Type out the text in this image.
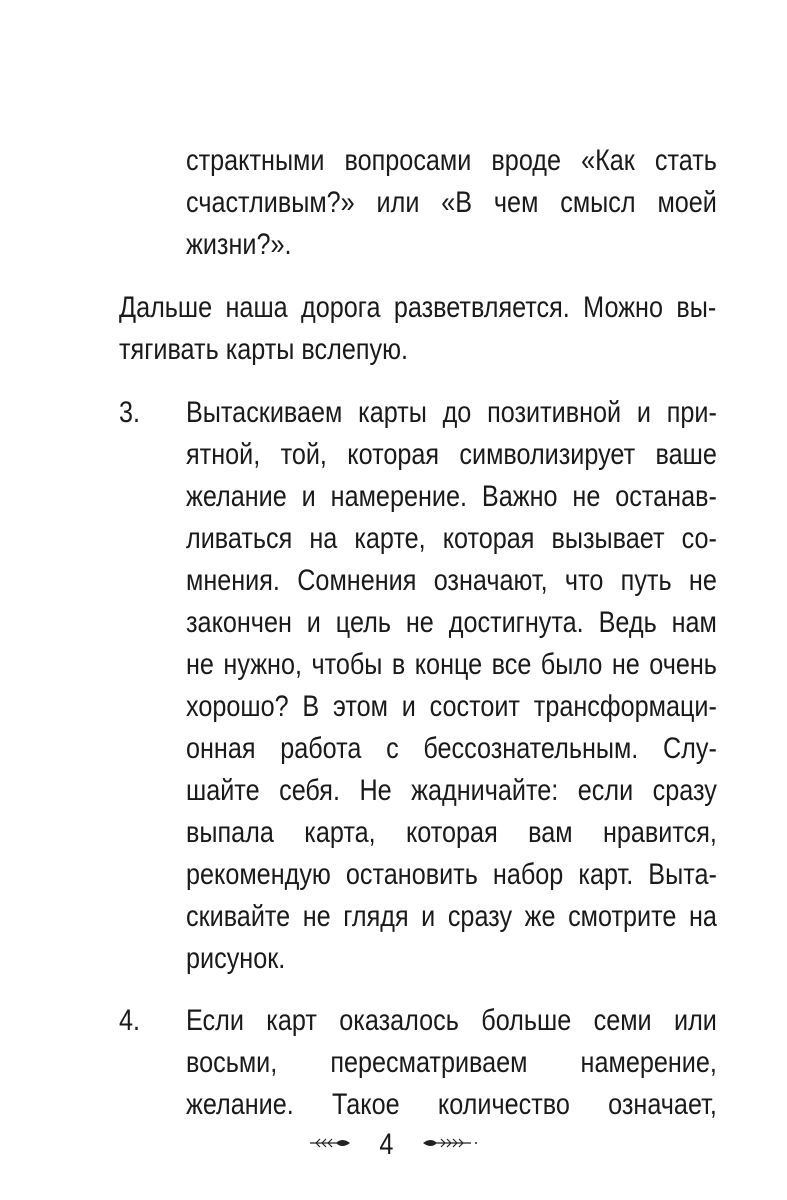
страктными вопросами вроде «Как стать
счастливым?» или «В чем смысл моей
жизни?».
Дальше наша дорога разветвляется. Можно вы-
тягивать карты вслепую.
3. Вытаскиваем карты до позитивной и при-
ятной, той, которая символизирует ваше
желание и намерение. Важно не останав-
ливаться на карте, которая вызывает со-
мнения. Сомнения означают, что путь не
закончен и цель не достигнута. Ведь нам
не нужно, чтобы в конце все было не очень
хорошо? В этом и состоит трансформаци-
онная работа с бессознательным. Слу-
шайте себя. Не жадничайте: если сразу
выпала карта, которая вам нравится,
рекомендую остановить набор карт. Выта-
скивайте не глядя и сразу же смотрите на
рисунок.
4. Если карт оказалось больше семи или
восьми, пересматриваем намерение,
желание. Такое количество означает,
4
